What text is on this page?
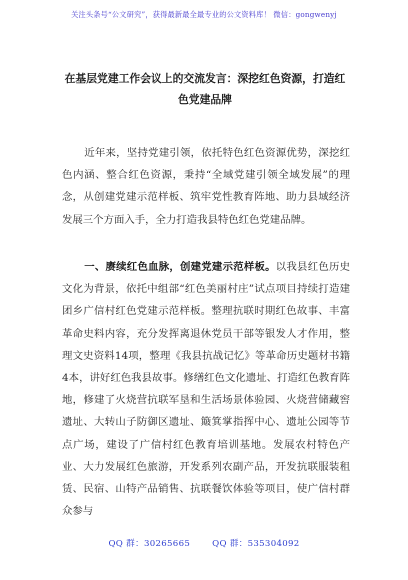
关注头条号“公文研究”，获得最新最全最专业的公文资料库！ 微信：gongwenyj
在基层党建工作会议上的交流发言：深挖红色资源，打造红色党建品牌
近年来，坚持党建引领，依托特色红色资源优势，深挖红色内涵、整合红色资源，秉持“全域党建引领全域发展”的理念，从创建党建示范样板、筑牢党性教育阵地、助力县域经济发展三个方面入手，全力打造我县特色红色党建品牌。
一、赓续红色血脉，创建党建示范样板。以我县红色历史文化为背景，依托中组部“红色美丽村庄”试点项目持续打造建团乡广信村红色党建示范样板。整理抗联时期红色故事、丰富革命史料内容，充分发挥离退休党员干部等银发人才作用，整理文史资料14项，整理《我县抗战记忆》等革命历史题材书籍4本，讲好红色我县故事。修缮红色文化遗址、打造红色教育阵地，修建了火烧营抗联军垦和生活场景体验园、火烧营储藏窖遗址、大转山子防御区遗址、簸箕掌指挥中心、遗址公园等节点广场，建设了广信村红色教育培训基地。发展农村特色产业、大力发展红色旅游，开发系列农副产品，开发抗联服装租赁、民宿、山特产品销售、抗联餐饮体验等项目，使广信村群众参与
QQ 群：30265665	QQ 群：535304092
